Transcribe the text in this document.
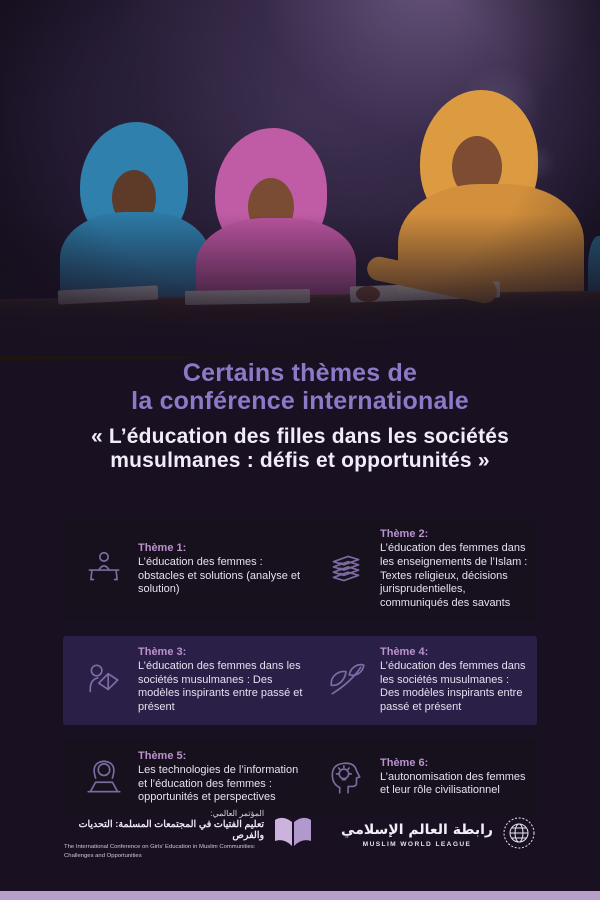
Certains thèmes de
la conférence internationale
« L’éducation des filles dans les sociétés
musulmanes : défis et opportunités »
Thème 1:
L’éducation des femmes : obstacles et solutions (analyse et solution)
Thème 2:
L’éducation des femmes dans les enseignements de l’Islam : Textes religieux, décisions jurisprudentielles, communiqués des savants
Thème 3:
L’éducation des femmes dans les sociétés musulmanes : Des modèles inspirants entre passé et présent
Thème 4:
L’éducation des femmes dans les sociétés musulmanes : Des modèles inspirants entre passé et présent
Thème 5:
Les technologies de l’information et l’éducation des femmes : opportunités et perspectives
Thème 6:
L’autonomisation des femmes et leur rôle civilisationnel
المؤتمر العالمي:
تعليم الفتيات في المجتمعات المسلمة: التحديات والفرص
The International Conference on Girls’ Education in Muslim Communities:
Challenges and Opportunities
رابطة العالم الإسلامي
MUSLIM WORLD LEAGUE
